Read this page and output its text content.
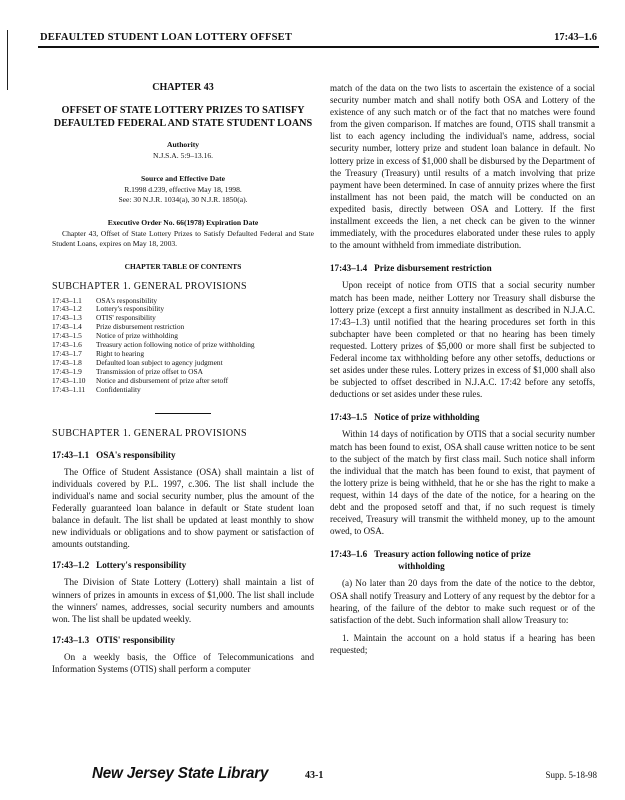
DEFAULTED STUDENT LOAN LOTTERY OFFSET	17:43–1.6
CHAPTER 43
OFFSET OF STATE LOTTERY PRIZES TO SATISFY DEFAULTED FEDERAL AND STATE STUDENT LOANS
Authority
N.J.S.A. 5:9–13.16.
Source and Effective Date
R.1998 d.239, effective May 18, 1998.
See: 30 N.J.R. 1034(a), 30 N.J.R. 1850(a).
Executive Order No. 66(1978) Expiration Date
Chapter 43, Offset of State Lottery Prizes to Satisfy Defaulted Federal and State Student Loans, expires on May 18, 2003.
CHAPTER TABLE OF CONTENTS
SUBCHAPTER 1. GENERAL PROVISIONS
17:43–1.1	OSA's responsibility
17:43–1.2	Lottery's responsibility
17:43–1.3	OTIS' responsibility
17:43–1.4	Prize disbursement restriction
17:43–1.5	Notice of prize withholding
17:43–1.6	Treasury action following notice of prize withholding
17:43–1.7	Right to hearing
17:43–1.8	Defaulted loan subject to agency judgment
17:43–1.9	Transmission of prize offset to OSA
17:43–1.10	Notice and disbursement of prize after setoff
17:43–1.11	Confidentiality
SUBCHAPTER 1. GENERAL PROVISIONS
17:43–1.1 OSA's responsibility

The Office of Student Assistance (OSA) shall maintain a list of individuals covered by P.L. 1997, c.306. The list shall include the individual's name and social security number, plus the amount of the Federally guaranteed loan balance in default or State student loan balance in default. The list shall be updated at least monthly to show new individuals or obligations and to show payment or satisfaction of amounts outstanding.

17:43–1.2 Lottery's responsibility

The Division of State Lottery (Lottery) shall maintain a list of winners of prizes in amounts in excess of $1,000. The list shall include the winners' names, addresses, social security numbers and amounts won. The list shall be updated weekly.

17:43–1.3 OTIS' responsibility

On a weekly basis, the Office of Telecommunications and Information Systems (OTIS) shall perform a computer

match of the data on the two lists to ascertain the existence of a social security number match and shall notify both OSA and Lottery of the existence of any such match or of the fact that no matches were found from the given comparison. If matches are found, OTIS shall transmit a list to each agency including the individual's name, address, social security number, lottery prize and student loan balance in default. No lottery prize in excess of $1,000 shall be disbursed by the Department of the Treasury (Treasury) until results of a match involving that prize payment have been determined. In case of annuity prizes where the first installment has not been paid, the match will be conducted on an expedited basis, directly between OSA and Lottery. If the first installment exceeds the lien, a net check can be given to the winner immediately, with the procedures elaborated under these rules to apply to the amount withheld from immediate distribution.

17:43–1.4 Prize disbursement restriction

Upon receipt of notice from OTIS that a social security number match has been made, neither Lottery nor Treasury shall disburse the lottery prize (except a first annuity installment as described in N.J.A.C. 17:43–1.3) until notified that the hearing procedures set forth in this subchapter have been completed or that no hearing has been timely requested. Lottery prizes of $5,000 or more shall first be subjected to Federal income tax withholding before any other setoffs, deductions or set asides under these rules. Lottery prizes in excess of $1,000 shall also be subjected to offset described in N.J.A.C. 17:42 before any setoffs, deductions or set asides under these rules.

17:43–1.5 Notice of prize withholding

Within 14 days of notification by OTIS that a social security number match has been found to exist, OSA shall cause written notice to be sent to the subject of the match by first class mail. Such notice shall inform the individual that the match has been found to exist, that payment of the lottery prize is being withheld, that he or she has the right to make a request, within 14 days of the date of the notice, for a hearing on the debt and the proposed setoff and that, if no such request is timely received, Treasury will transmit the withheld money, up to the amount owed, to OSA.

17:43–1.6 Treasury action following notice of prize
withholding

(a) No later than 20 days from the date of the notice to the debtor, OSA shall notify Treasury and Lottery of any request by the debtor for a hearing, of the failure of the debtor to make such request or of the satisfaction of the debt. Such information shall allow Treasury to:

1. Maintain the account on a hold status if a hearing has been requested;

New Jersey State Library	43-1	Supp. 5-18-98
